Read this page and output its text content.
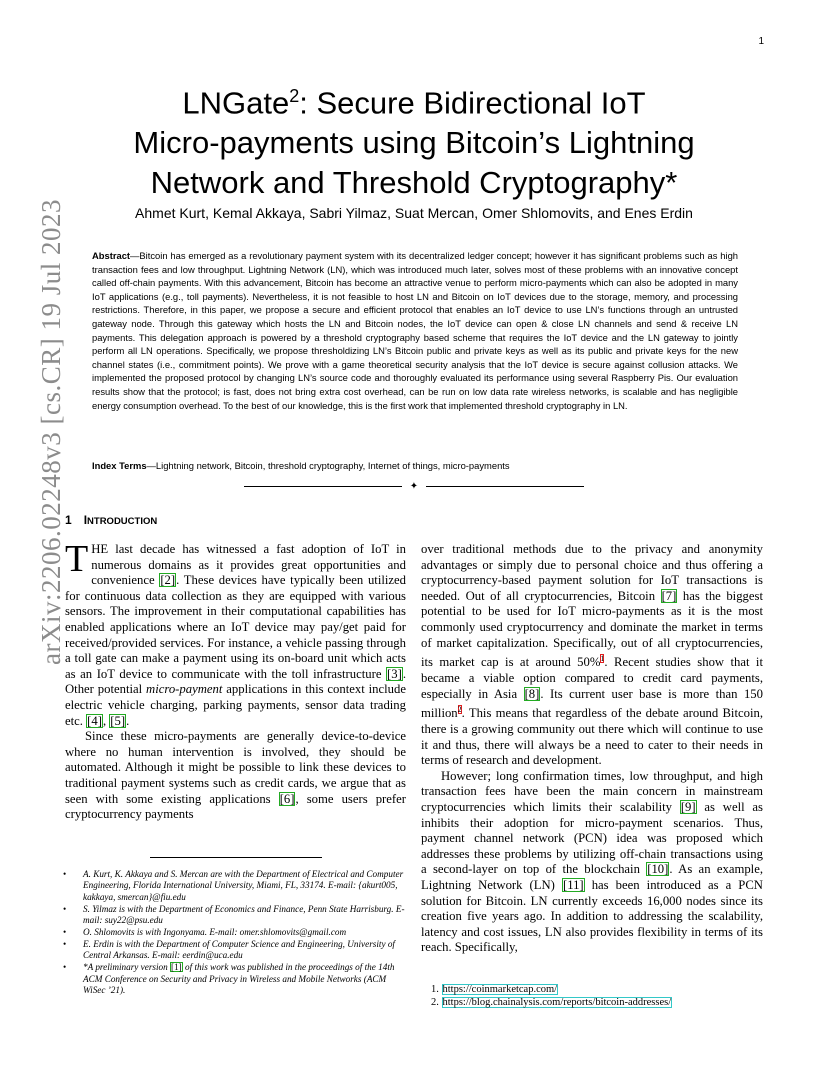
1
arXiv:2206.02248v3 [cs.CR] 19 Jul 2023
LNGate$^2$: Secure Bidirectional IoT
Micro-payments using Bitcoin’s Lightning
Network and Threshold Cryptography*
Ahmet Kurt, Kemal Akkaya, Sabri Yilmaz, Suat Mercan, Omer Shlomovits, and Enes Erdin
Abstract—Bitcoin has emerged as a revolutionary payment system with its decentralized ledger concept; however it has significant problems such as high transaction fees and low throughput. Lightning Network (LN), which was introduced much later, solves most of these problems with an innovative concept called off-chain payments. With this advancement, Bitcoin has become an attractive venue to perform micro-payments which can also be adopted in many IoT applications (e.g., toll payments). Nevertheless, it is not feasible to host LN and Bitcoin on IoT devices due to the storage, memory, and processing restrictions. Therefore, in this paper, we propose a secure and efficient protocol that enables an IoT device to use LN’s functions through an untrusted gateway node. Through this gateway which hosts the LN and Bitcoin nodes, the IoT device can open & close LN channels and send & receive LN payments. This delegation approach is powered by a threshold cryptography based scheme that requires the IoT device and the LN gateway to jointly perform all LN operations. Specifically, we propose thresholdizing LN’s Bitcoin public and private keys as well as its public and private keys for the new channel states (i.e., commitment points). We prove with a game theoretical security analysis that the IoT device is secure against collusion attacks. We implemented the proposed protocol by changing LN’s source code and thoroughly evaluated its performance using several Raspberry Pis. Our evaluation results show that the protocol; is fast, does not bring extra cost overhead, can be run on low data rate wireless networks, is scalable and has negligible energy consumption overhead. To the best of our knowledge, this is the first work that implemented threshold cryptography in LN.
Index Terms—Lightning network, Bitcoin, threshold cryptography, Internet of things, micro-payments
✦
1 INTRODUCTION

THE last decade has witnessed a fast adoption of IoT in numerous domains as it provides great opportunities and convenience [2]. These devices have typically been utilized for continuous data collection as they are equipped with various sensors. The improvement in their computational capabilities has enabled applications where an IoT device may pay/get paid for received/provided services. For instance, a vehicle passing through a toll gate can make a payment using its on-board unit which acts as an IoT device to communicate with the toll infrastructure [3]. Other potential micro-payment applications in this context include electric vehicle charging, parking payments, sensor data trading etc. [4], [5].

Since these micro-payments are generally device-to-device where no human intervention is involved, they should be automated. Although it might be possible to link these devices to traditional payment systems such as credit cards, we argue that as seen with some existing applications [6], some users prefer cryptocurrency payments

over traditional methods due to the privacy and anonymity advantages or simply due to personal choice and thus offering a cryptocurrency-based payment solution for IoT transactions is needed. Out of all cryptocurrencies, Bitcoin [7] has the biggest potential to be used for IoT micro-payments as it is the most commonly used cryptocurrency and dominate the market in terms of market capitalization. Specifically, out of all cryptocurrencies, its market cap is at around 50%$^1$. Recent studies show that it became a viable option compared to credit card payments, especially in Asia [8]. Its current user base is more than 150 million$^2$. This means that regardless of the debate around Bitcoin, there is a growing community out there which will continue to use it and thus, there will always be a need to cater to their needs in terms of research and development.

However; long confirmation times, low throughput, and high transaction fees have been the main concern in mainstream cryptocurrencies which limits their scalability [9] as well as inhibits their adoption for micro-payment scenarios. Thus, payment channel network (PCN) idea was proposed which addresses these problems by utilizing off-chain transactions using a second-layer on top of the blockchain [10]. As an example, Lightning Network (LN) [11] has been introduced as a PCN solution for Bitcoin. LN currently exceeds 16,000 nodes since its creation five years ago. In addition to addressing the scalability, latency and cost issues, LN also provides flexibility in terms of its reach. Specifically,

• A. Kurt, K. Akkaya and S. Mercan are with the Department of Electrical and Computer Engineering, Florida International University, Miami, FL, 33174. E-mail: {akurt005, kakkaya, smercan}@fiu.edu
• S. Yilmaz is with the Department of Economics and Finance, Penn State Harrisburg. E-mail: suy22@psu.edu
• O. Shlomovits is with Ingonyama. E-mail: omer.shlomovits@gmail.com
• E. Erdin is with the Department of Computer Science and Engineering, University of Central Arkansas. E-mail: eerdin@uca.edu
• *A preliminary version [1] of this work was published in the proceedings of the 14th ACM Conference on Security and Privacy in Wireless and Mobile Networks (ACM WiSec ’21).	1. https://coinmarketcap.com/
2. https://blog.chainalysis.com/reports/bitcoin-addresses/
